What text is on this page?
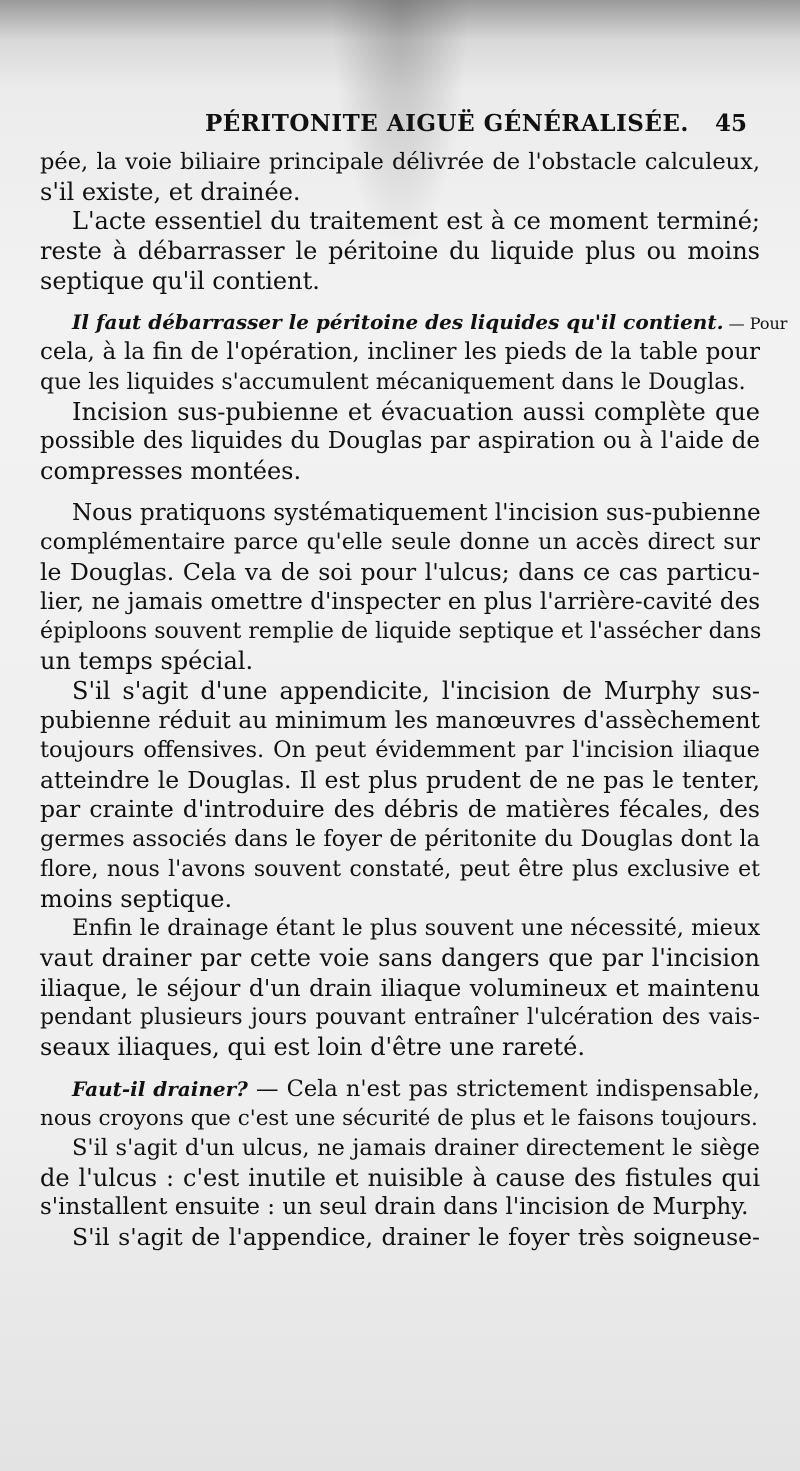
PÉRITONITE AIGUË GÉNÉRALISÉE. 45
pée, la voie biliaire principale délivrée de l'obstacle calculeux,
s'il existe, et drainée.
L'acte essentiel du traitement est à ce moment terminé;
reste à débarrasser le péritoine du liquide plus ou moins
septique qu'il contient.
Il faut débarrasser le péritoine des liquides qu'il contient. — Pour
cela, à la fin de l'opération, incliner les pieds de la table pour
que les liquides s'accumulent mécaniquement dans le Douglas.
Incision sus-pubienne et évacuation aussi complète que
possible des liquides du Douglas par aspiration ou à l'aide de
compresses montées.
Nous pratiquons systématiquement l'incision sus-pubienne
complémentaire parce qu'elle seule donne un accès direct sur
le Douglas. Cela va de soi pour l'ulcus; dans ce cas particu-
lier, ne jamais omettre d'inspecter en plus l'arrière-cavité des
épiploons souvent remplie de liquide septique et l'assécher dans
un temps spécial.
S'il s'agit d'une appendicite, l'incision de Murphy sus-
pubienne réduit au minimum les manœuvres d'assèchement
toujours offensives. On peut évidemment par l'incision iliaque
atteindre le Douglas. Il est plus prudent de ne pas le tenter,
par crainte d'introduire des débris de matières fécales, des
germes associés dans le foyer de péritonite du Douglas dont la
flore, nous l'avons souvent constaté, peut être plus exclusive et
moins septique.
Enfin le drainage étant le plus souvent une nécessité, mieux
vaut drainer par cette voie sans dangers que par l'incision
iliaque, le séjour d'un drain iliaque volumineux et maintenu
pendant plusieurs jours pouvant entraîner l'ulcération des vais-
seaux iliaques, qui est loin d'être une rareté.
Faut-il drainer? — Cela n'est pas strictement indispensable,
nous croyons que c'est une sécurité de plus et le faisons toujours.
S'il s'agit d'un ulcus, ne jamais drainer directement le siège
de l'ulcus : c'est inutile et nuisible à cause des fistules qui
s'installent ensuite : un seul drain dans l'incision de Murphy.
S'il s'agit de l'appendice, drainer le foyer très soigneuse-
